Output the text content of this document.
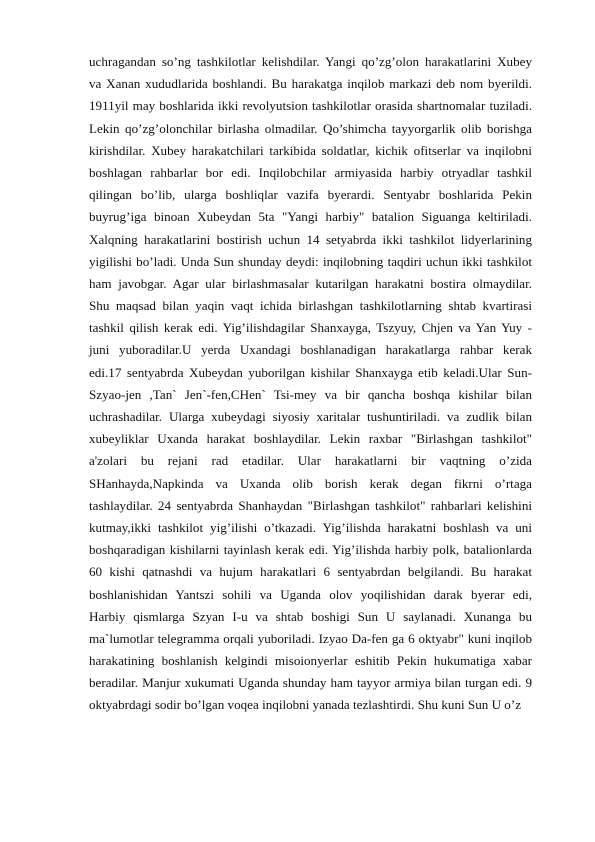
uchragandan so’ng tashkilotlar kelishdilar. Yangi qo’zg’olon harakatlarini Xubey
va Xanan xududlarida boshlandi. Bu harakatga inqilob markazi deb nom byerildi.
1911yil may boshlarida ikki revolyutsion tashkilotlar orasida shartnomalar tuziladi.
Lekin qo’zg’olonchilar birlasha olmadilar. Qo’shimcha tayyorgarlik olib borishga
kirishdilar. Xubey harakatchilari tarkibida soldatlar, kichik ofitserlar va inqilobni
boshlagan rahbarlar bor edi. Inqilobchilar armiyasida harbiy otryadlar tashkil
qilingan bo’lib, ularga boshliqlar vazifa byerardi. Sentyabr boshlarida Pekin
buyrug’iga binoan Xubeydan 5ta "Yangi harbiy" batalion Siguanga keltiriladi.
Xalqning harakatlarini bostirish uchun 14 setyabrda ikki tashkilot lidyerlarining
yigilishi bo’ladi. Unda Sun shunday deydi: inqilobning taqdiri uchun ikki tashkilot
ham javobgar. Agar ular birlashmasalar kutarilgan harakatni bostira olmaydilar.
Shu maqsad bilan yaqin vaqt ichida birlashgan tashkilotlarning shtab kvartirasi
tashkil qilish kerak edi. Yig’ilishdagilar Shanxayga, Tszyuy, Chjen va Yan Yuy -
juni yuboradilar.U yerda Uxandagi boshlanadigan harakatlarga rahbar kerak
edi.17 sentyabrda Xubeydan yuborilgan kishilar Shanxayga etib keladi.Ular Sun-
Szyao-jen ,Tan` Jen`-fen,CHen` Tsi-mey va bir qancha boshqa kishilar bilan
uchrashadilar. Ularga xubeydagi siyosiy xaritalar tushuntiriladi. va zudlik bilan
xubeyliklar Uxanda harakat boshlaydilar. Lekin raxbar "Birlashgan tashkilot"
a'zolari bu rejani rad etadilar. Ular harakatlarni bir vaqtning o’zida
SHanhayda,Napkinda va Uxanda olib borish kerak degan fikrni o’rtaga
tashlaydilar. 24 sentyabrda Shanhaydan "Birlashgan tashkilot" rahbarlari kelishini
kutmay,ikki tashkilot yig’ilishi o’tkazadi. Yig’ilishda harakatni boshlash va uni
boshqaradigan kishilarni tayinlash kerak edi. Yig’ilishda harbiy polk, batalionlarda
60 kishi qatnashdi va hujum harakatlari 6 sentyabrdan belgilandi. Bu harakat
boshlanishidan Yantszi sohili va Uganda olov yoqilishidan darak byerar edi,
Harbiy qismlarga Szyan I-u va shtab boshigi Sun U saylanadi. Xunanga bu
ma`lumotlar telegramma orqali yuboriladi. Izyao Da-fen ga 6 oktyabr" kuni inqilob
harakatining boshlanish kelgindi misoionyerlar eshitib Pekin hukumatiga xabar
beradilar. Manjur xukumati Ugandа shunday ham tayyor armiya bilan turgan edi. 9
oktyabrdagi sodir bo’lgan voqea inqilobni yanada tezlashtirdi. Shu kuni Sun U o’z
